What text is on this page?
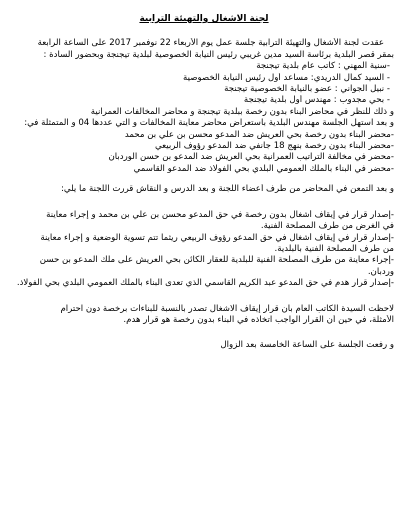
لجنة الاشغال والتهيئة الترابية
عقدت لجنة الأشغال والتهيئة الترابية جلسة عمل يوم الأربعاء 22 نوفمبر 2017 على الساعة الرابعة
بمقر قصر البلدية برئاسة السيد مدين غريبي رئيس النيابة الخصوصية لبلدية تيجنجة وبحضور السادة :
-سنية المهني : كاتب عام بلدية تيجنجة
- السيد كمال الدريدي: مساعد أول رئيس النيابة الخصوصية
- نبيل الجواني : عضو بالنيابة الخصوصية تيجنجة
- بحي مجدوب : مهندس أول بلدية تيجنجة
و ذلك للنظر في محاضر البناء بدون رخصة ببلدية تيجنجة و محاضر المخالفات العمرانية
و بعد استهل الجلسة مهندس البلدية باستعراض محاضر معاينة المخالفات و التي عددها 04 و المتمثلة في:
-محضر البناء بدون رخصة بحي العريش ضد المدعو محسن بن علي بن محمد
-محضر البناء بدون رخصة بنهج 18 جانفي ضد المدعو رؤوف الربيعي
-محضر في مخالفة التراتيب العمرانية بحي العريش ضد المدعو بن حسن الوردبان
-محضر في البناء بالملك العمومي البلدي بحي الفولاذ ضد المدعو القاسمي
و بعد التمعن في المحاضر من طرف أعضاء اللجنة و بعد الدرس و النقاش قررت اللجنة ما يلي:
-إصدار قرار في إيقاف أشغال بدون رخصة في حق المدعو محسن بن علي بن محمد و إجراء معاينة
في الغرض من طرف المصلحة الفنية.
-إصدار قرار في إيقاف أشغال في حق المدعو رؤوف الربيعي ريثما تتم تسوية الوضعية و إجراء معاينة
من طرف المصلحة الفنية بالبلدية.
-إجراء معاينة من طرف المصلحة الفنية للبلدية للعقار الكائن بحي العريش على ملك المدعو بن حسن
وردبان.
-إصدار قرار هدم في حق المدعو عبد الكريم القاسمي الذي تعدى البناء بالملك العمومي البلدي بحي الفولاذ.
لاحظت السيدة الكاتب العام بان قرار إيقاف الاشغال تصدر بالنسبة للبناءات برخصة دون احترام
الأمثلة، في حين أن القرار الواجب اتخاذه في البناء بدون رخصة هو قرار هدم.
و رفعت الجلسة على الساعة الخامسة بعد الزوال
